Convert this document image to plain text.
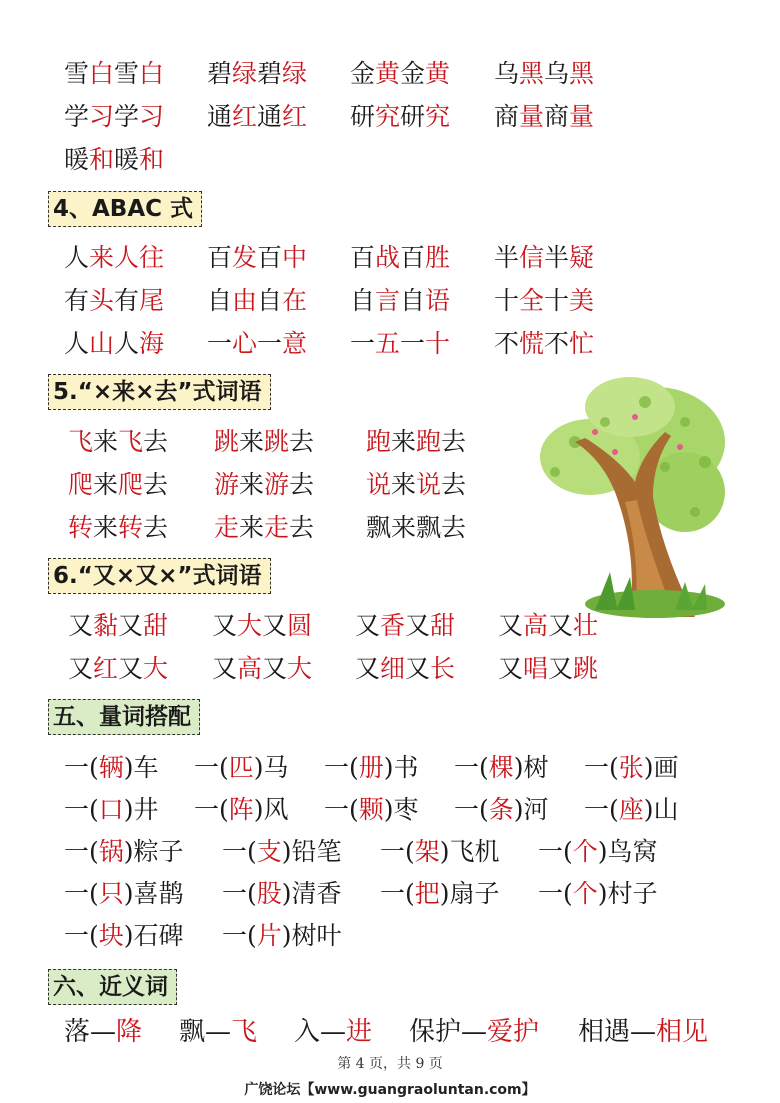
雪白雪白 碧绿碧绿 金黄金黄 乌黑乌黑
学习学习 通红通红 研究研究 商量商量
暖和暖和
4、ABAC 式
人来人往 百发百中 百战百胜 半信半疑
有头有尾 自由自在 自言自语 十全十美
人山人海 一心一意 一五一十 不慌不忙
5.“×来×去”式词语
飞来飞去 跳来跳去 跑来跑去
爬来爬去 游来游去 说来说去
转来转去 走来走去 飘来飘去
6.“又×又×”式词语
又黏又甜 又大又圆 又香又甜 又高又壮
又红又大 又高又大 又细又长 又唱又跳
五、量词搭配
一(辆)车 一(匹)马 一(册)书 一(棵)树 一(张)画
一(口)井 一(阵)风 一(颗)枣 一(条)河 一(座)山
一(锅)粽子 一(支)铅笔 一(架)飞机 一(个)鸟窝
一(只)喜鹊 一(股)清香 一(把)扇子 一(个)村子
一(块)石碑 一(片)树叶
六、近义词
落—降 飘—飞 入—进 保护—爱护 相遇—相见
第 4 页，共 9 页
广饶论坛【www.guangraoluntan.com】
